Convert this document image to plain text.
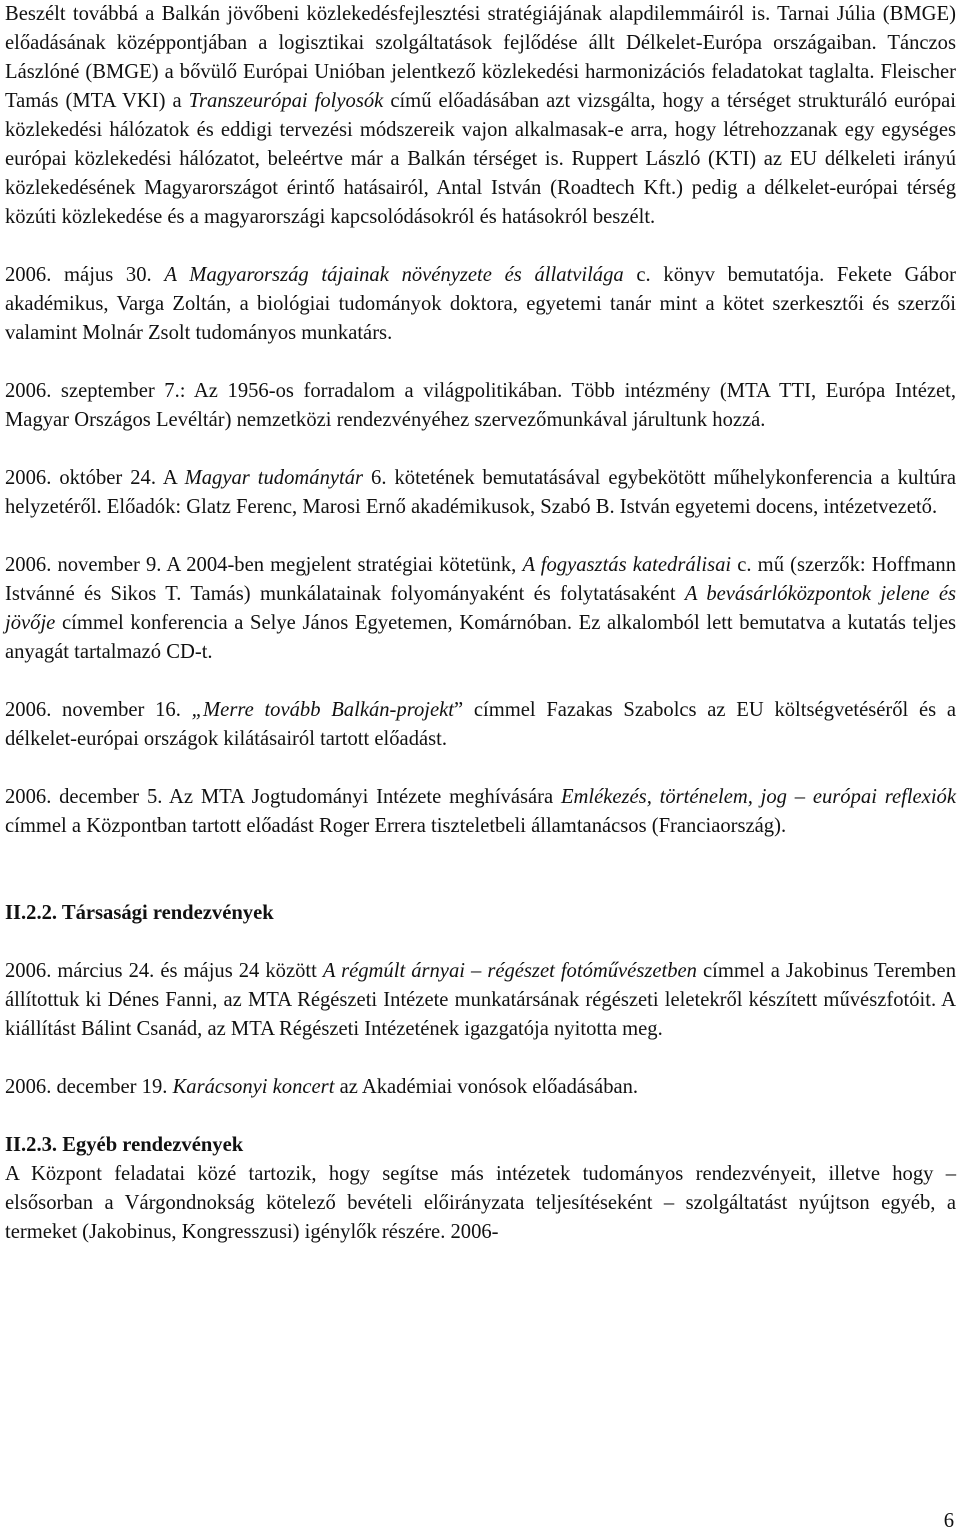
Beszélt továbbá a Balkán jövőbeni közlekedésfejlesztési stratégiájának alapdilemmáiról is. Tarnai Júlia (BMGE) előadásának középpontjában a logisztikai szolgáltatások fejlődése állt Délkelet-Európa országaiban. Tánczos Lászlóné (BMGE) a bővülő Európai Unióban jelentkező közlekedési harmonizációs feladatokat taglalta. Fleischer Tamás (MTA VKI) a Transzeurópai folyosók című előadásában azt vizsgálta, hogy a térséget strukturáló európai közlekedési hálózatok és eddigi tervezési módszereik vajon alkalmasak-e arra, hogy létrehozzanak egy egységes európai közlekedési hálózatot, beleértve már a Balkán térséget is. Ruppert László (KTI) az EU délkeleti irányú közlekedésének Magyarországot érintő hatásairól, Antal István (Roadtech Kft.) pedig a délkelet-európai térség közúti közlekedése és a magyarországi kapcsolódásokról és hatásokról beszélt.

2006. május 30. A Magyarország tájainak növényzete és állatvilága c. könyv bemutatója. Fekete Gábor akadémikus, Varga Zoltán, a biológiai tudományok doktora, egyetemi tanár mint a kötet szerkesztői és szerzői valamint Molnár Zsolt tudományos munkatárs.

2006. szeptember 7.: Az 1956-os forradalom a világpolitikában. Több intézmény (MTA TTI, Európa Intézet, Magyar Országos Levéltár) nemzetközi rendezvényéhez szervezőmunkával járultunk hozzá.

2006. október 24. A Magyar tudománytár 6. kötetének bemutatásával egybekötött műhelykonferencia a kultúra helyzetéről. Előadók: Glatz Ferenc, Marosi Ernő akadémikusok, Szabó B. István egyetemi docens, intézetvezető.

2006. november 9. A 2004-ben megjelent stratégiai kötetünk, A fogyasztás katedrálisai c. mű (szerzők: Hoffmann Istvánné és Sikos T. Tamás) munkálatainak folyományaként és folytatásaként A bevásárlóközpontok jelene és jövője címmel konferencia a Selye János Egyetemen, Komárnóban. Ez alkalomból lett bemutatva a kutatás teljes anyagát tartalmazó CD-t.

2006. november 16. „Merre tovább Balkán-projekt” címmel Fazakas Szabolcs az EU költségvetéséről és a délkelet-európai országok kilátásairól tartott előadást.

2006. december 5. Az MTA Jogtudományi Intézete meghívására Emlékezés, történelem, jog – európai reflexiók címmel a Központban tartott előadást Roger Errera tiszteletbeli államtanácsos (Franciaország).

II.2.2. Társasági rendezvények

2006. március 24. és május 24 között A régmúlt árnyai – régészet fotóművészetben címmel a Jakobinus Teremben állítottuk ki Dénes Fanni, az MTA Régészeti Intézete munkatársának régészeti leletekről készített művészfotóit. A kiállítást Bálint Csanád, az MTA Régészeti Intézetének igazgatója nyitotta meg.

2006. december 19. Karácsonyi koncert az Akadémiai vonósok előadásában.

II.2.3. Egyéb rendezvények

A Központ feladatai közé tartozik, hogy segítse más intézetek tudományos rendezvényeit, illetve hogy – elsősorban a Várgondnokság kötelező bevételi előirányzata teljesítéseként – szolgáltatást nyújtson egyéb, a termeket (Jakobinus, Kongresszusi) igénylők részére. 2006-

6
